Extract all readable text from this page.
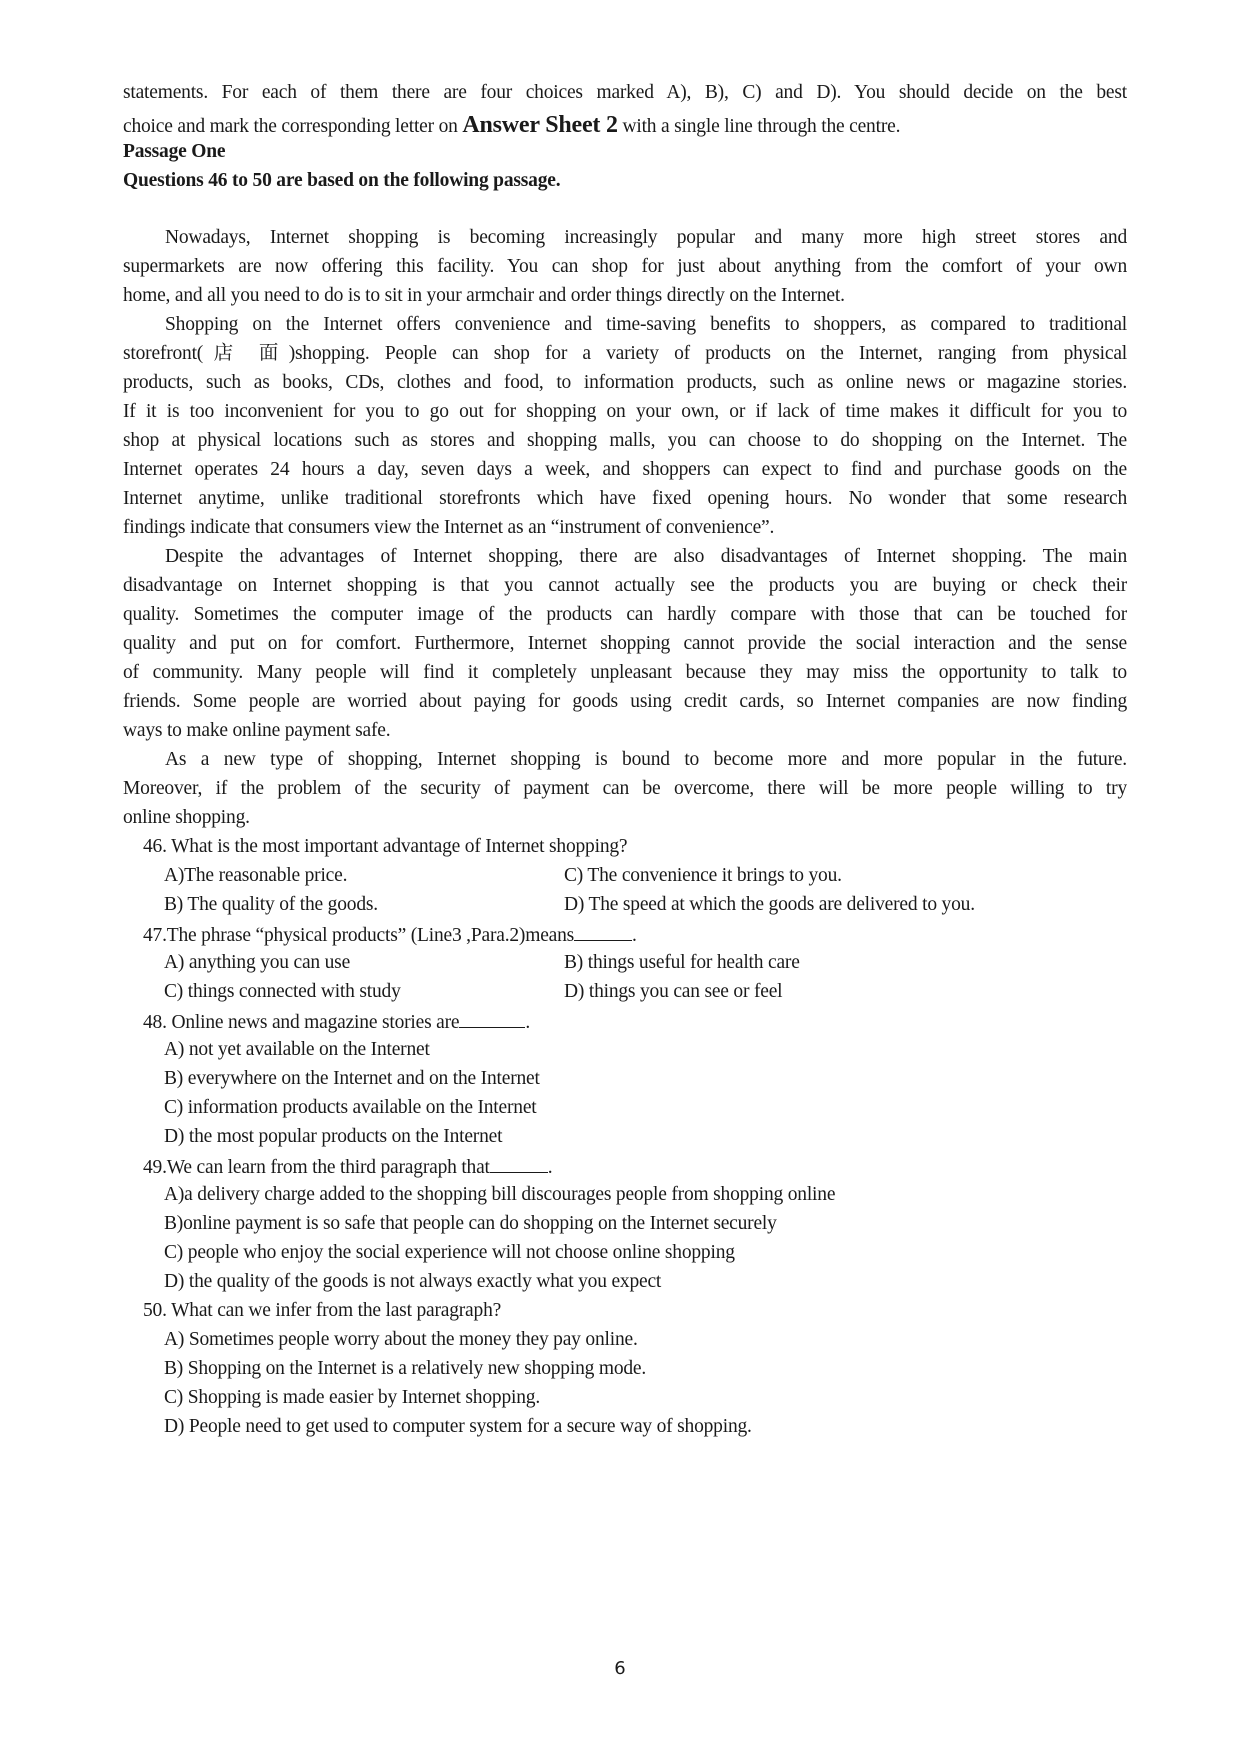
statements. For each of them there are four choices marked A), B), C) and D). You should decide on the best
choice and mark the corresponding letter on Answer Sheet 2 with a single line through the centre.
Passage One
Questions 46 to 50 are based on the following passage.
Nowadays, Internet shopping is becoming increasingly popular and many more high street stores and
supermarkets are now offering this facility. You can shop for just about anything from the comfort of your own
home, and all you need to do is to sit in your armchair and order things directly on the Internet.
Shopping on the Internet offers convenience and time-saving benefits to shoppers, as compared to traditional
storefront(店 面)shopping. People can shop for a variety of products on the Internet, ranging from physical
products, such as books, CDs, clothes and food, to information products, such as online news or magazine stories.
If it is too inconvenient for you to go out for shopping on your own, or if lack of time makes it difficult for you to
shop at physical locations such as stores and shopping malls, you can choose to do shopping on the Internet. The
Internet operates 24 hours a day, seven days a week, and shoppers can expect to find and purchase goods on the
Internet anytime, unlike traditional storefronts which have fixed opening hours. No wonder that some research
findings indicate that consumers view the Internet as an “instrument of convenience”.
Despite the advantages of Internet shopping, there are also disadvantages of Internet shopping. The main
disadvantage on Internet shopping is that you cannot actually see the products you are buying or check their
quality. Sometimes the computer image of the products can hardly compare with those that can be touched for
quality and put on for comfort. Furthermore, Internet shopping cannot provide the social interaction and the sense
of community. Many people will find it completely unpleasant because they may miss the opportunity to talk to
friends. Some people are worried about paying for goods using credit cards, so Internet companies are now finding
ways to make online payment safe.
As a new type of shopping, Internet shopping is bound to become more and more popular in the future.
Moreover, if the problem of the security of payment can be overcome, there will be more people willing to try
online shopping.
46. What is the most important advantage of Internet shopping?
A)The reasonable price.	C) The convenience it brings to you.
B) The quality of the goods.	D) The speed at which the goods are delivered to you.
47.The phrase “physical products” (Line3 ,Para.2)means	.
A) anything you can use	B) things useful for health care
C) things connected with study	D) things you can see or feel
48. Online news and magazine stories are	.
A) not yet available on the Internet
B) everywhere on the Internet and on the Internet
C) information products available on the Internet
D) the most popular products on the Internet
49.We can learn from the third paragraph that	.
A)a delivery charge added to the shopping bill discourages people from shopping online
B)online payment is so safe that people can do shopping on the Internet securely
C) people who enjoy the social experience will not choose online shopping
D) the quality of the goods is not always exactly what you expect
50. What can we infer from the last paragraph?
A) Sometimes people worry about the money they pay online.
B) Shopping on the Internet is a relatively new shopping mode.
C) Shopping is made easier by Internet shopping.
D) People need to get used to computer system for a secure way of shopping.
6
